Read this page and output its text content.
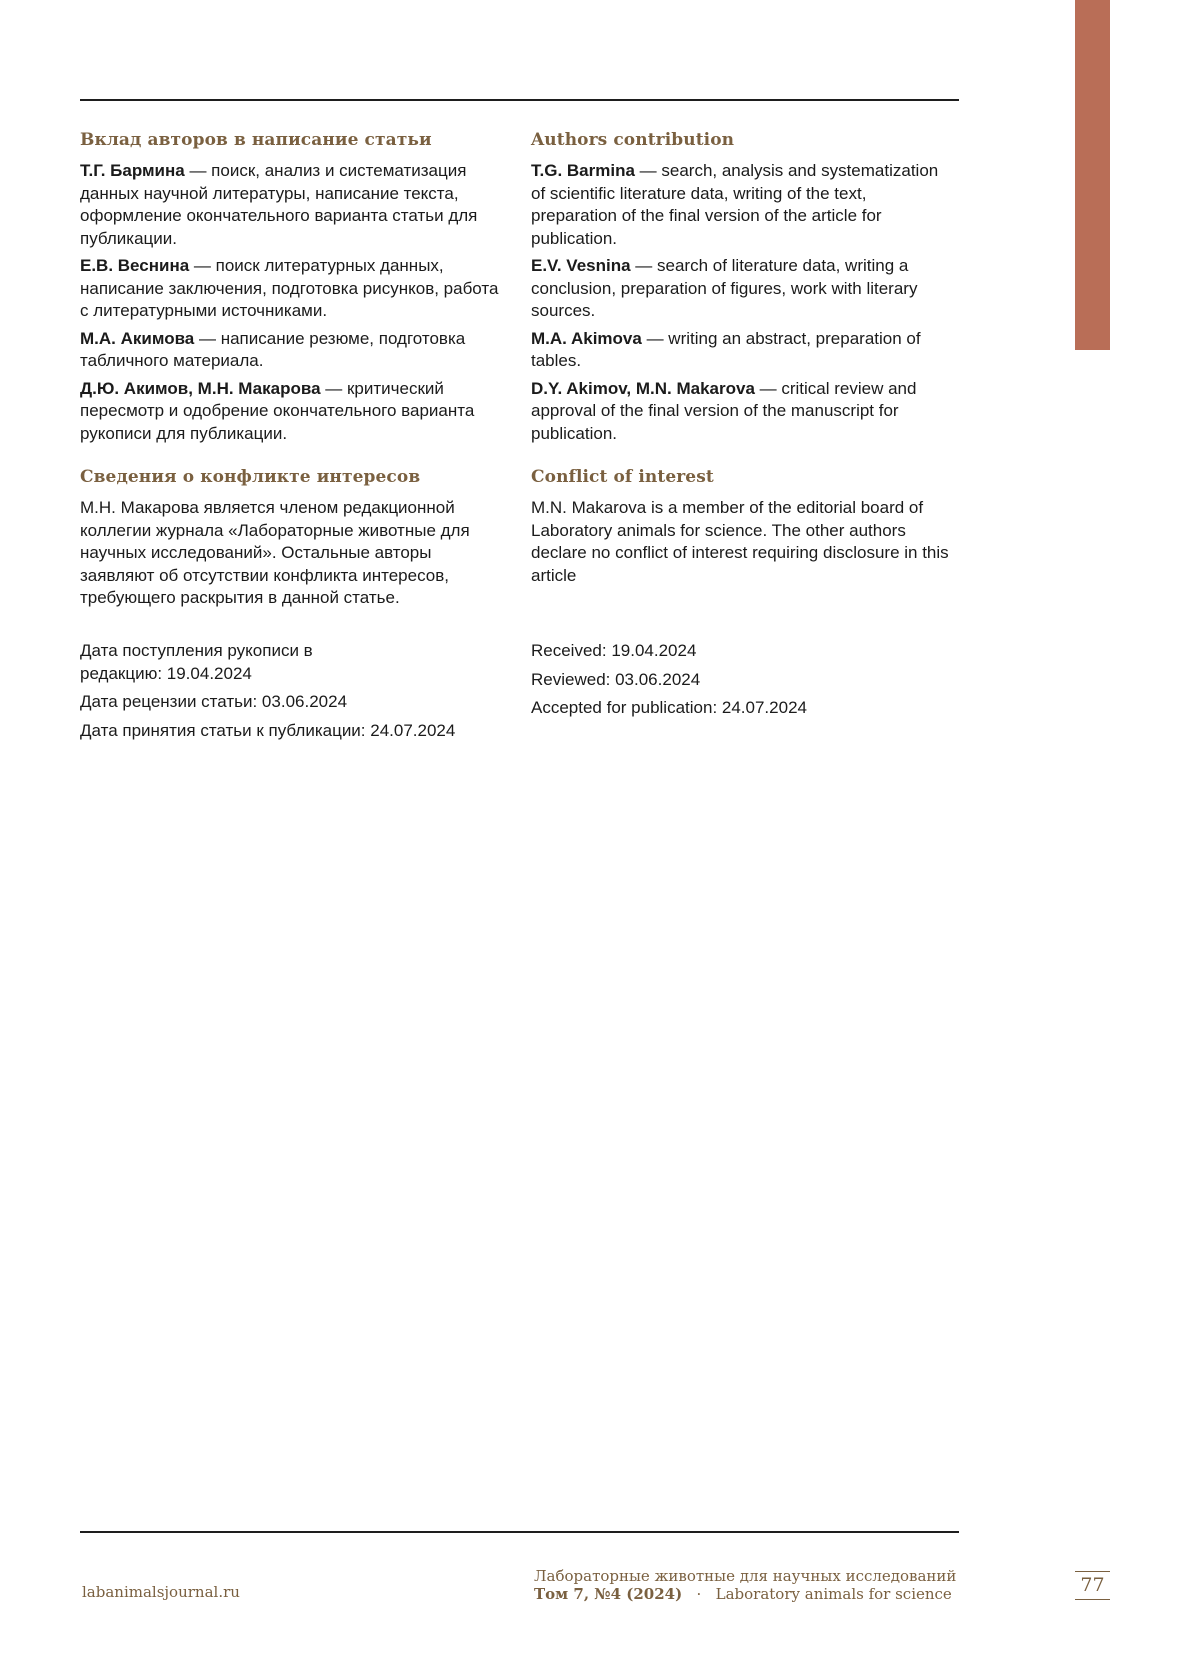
Вклад авторов в написание статьи

Т.Г. Бармина — поиск, анализ и систематизация данных научной литературы, написание текста, оформление окончательного варианта статьи для публикации.

Е.В. Веснина — поиск литературных данных, написание заключения, подготовка рисунков, работа с литературными источниками.

М.А. Акимова — написание резюме, подготовка табличного материала.

Д.Ю. Акимов, М.Н. Макарова — критический пересмотр и одобрение окончательного варианта рукописи для публикации.

Сведения о конфликте интересов

М.Н. Макарова является членом редакционной коллегии журнала «Лабораторные животные для научных исследований». Остальные авторы заявляют об отсутствии конфликта интересов, требующего раскрытия в данной статье.

Дата поступления рукописи в редакцию: 19.04.2024

Дата рецензии статьи: 03.06.2024

Дата принятия статьи к публикации: 24.07.2024

Authors contribution

T.G. Barmina — search, analysis and systematization of scientific literature data, writing of the text, preparation of the final version of the article for publication.

E.V. Vesnina — search of literature data, writing a conclusion, preparation of figures, work with literary sources.

M.A. Akimova — writing an abstract, preparation of tables.

D.Y. Akimov, M.N. Makarova — critical review and approval of the final version of the manuscript for publication.

Conflict of interest

M.N. Makarova is a member of the editorial board of Laboratory animals for science. The other authors declare no conflict of interest requiring disclosure in this article

Received: 19.04.2024

Reviewed: 03.06.2024

Accepted for publication: 24.07.2024

labanimalsjournal.ru
Лабораторные животные для научных исследований
Том 7, №4 (2024) · Laboratory animals for science	77
